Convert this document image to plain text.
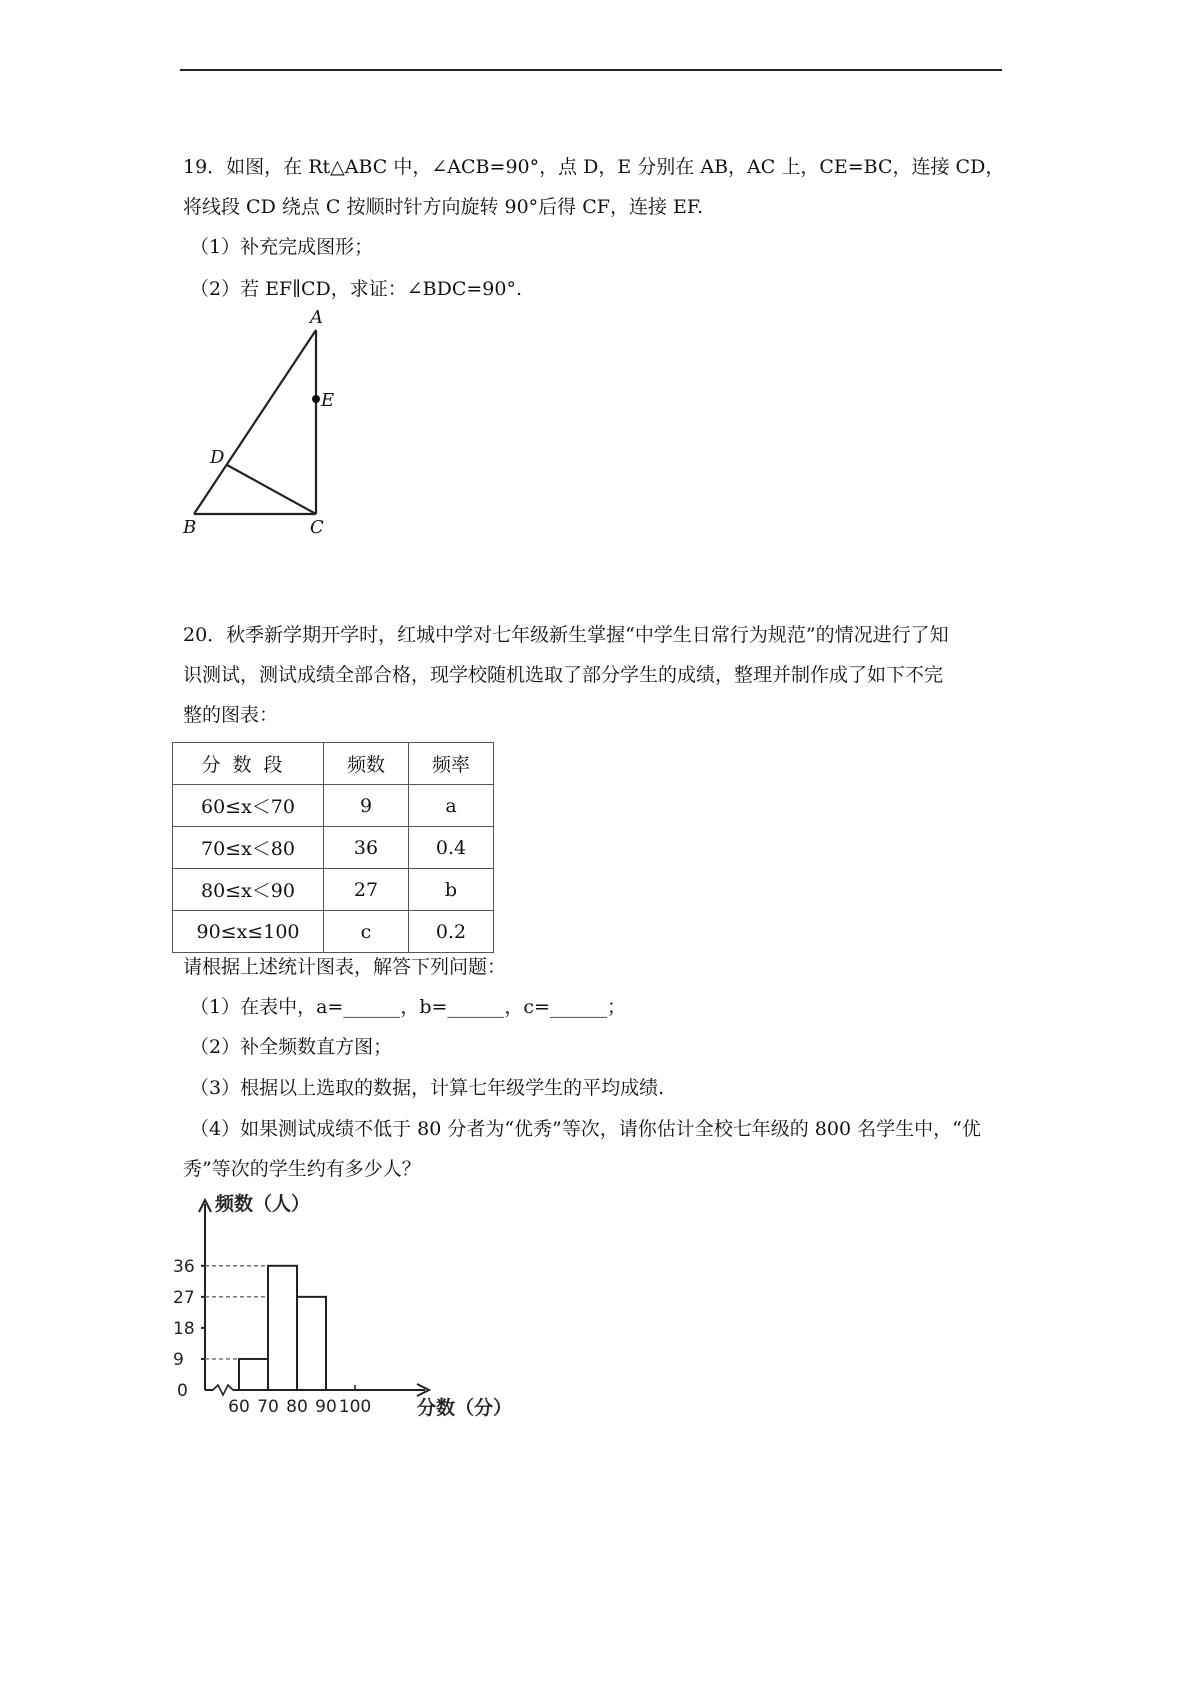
19．如图，在 Rt△ABC 中，∠ACB=90°，点 D，E 分别在 AB，AC 上，CE=BC，连接 CD，
将线段 CD 绕点 C 按顺时针方向旋转 90°后得 CF，连接 EF.
（1）补充完成图形；
（2）若 EF∥CD，求证：∠BDC=90°.
A
E
D
B	C
20．秋季新学期开学时，红城中学对七年级新生掌握“中学生日常行为规范”的情况进行了知
识测试，测试成绩全部合格，现学校随机选取了部分学生的成绩，整理并制作成了如下不完
整的图表：
分数段	频数	频率
60≤x＜70	9	a
70≤x＜80	36	0.4
80≤x＜90	27	b
90≤x≤100	c	0.2
请根据上述统计图表，解答下列问题：
（1）在表中，a=______，b=______，c=______；
（2）补全频数直方图；
（3）根据以上选取的数据，计算七年级学生的平均成绩.
（4）如果测试成绩不低于 80 分者为“优秀”等次，请你估计全校七年级的 800 名学生中，“优
秀”等次的学生约有多少人？
0
9
18
27
36
60 70 80 90 100
频数（人）
分数（分）
